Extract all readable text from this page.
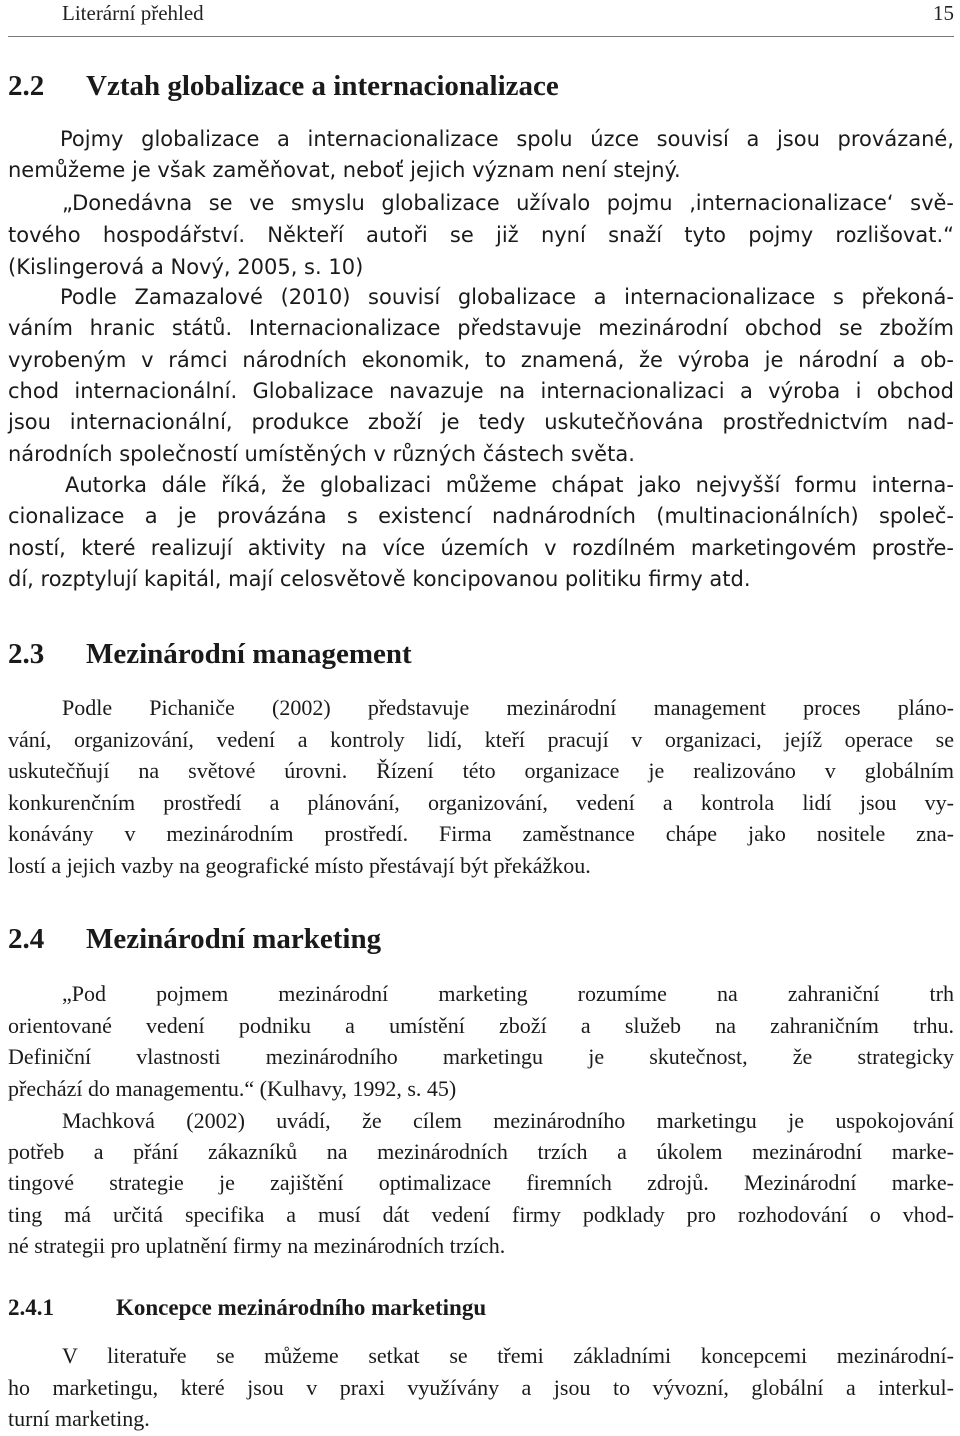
Literární přehled	15
2.2 Vztah globalizace a internacionalizace
Pojmy globalizace a internacionalizace spolu úzce souvisí a jsou provázané,
nemůžeme je však zaměňovat, neboť jejich význam není stejný.
„Donedávna se ve smyslu globalizace užívalo pojmu ‚internacionalizace‘ svě-
tového hospodářství. Někteří autoři se již nyní snaží tyto pojmy rozlišovat.“
(Kislingerová a Nový, 2005, s. 10)
Podle Zamazalové (2010) souvisí globalizace a internacionalizace s překoná-
váním hranic států. Internacionalizace představuje mezinárodní obchod se zbožím
vyrobeným v rámci národních ekonomik, to znamená, že výroba je národní a ob-
chod internacionální. Globalizace navazuje na internacionalizaci a výroba i obchod
jsou internacionální, produkce zboží je tedy uskutečňována prostřednictvím nad-
národních společností umístěných v různých částech světa.
Autorka dále říká, že globalizaci můžeme chápat jako nejvyšší formu interna-
cionalizace a je provázána s existencí nadnárodních (multinacionálních) společ-
ností, které realizují aktivity na více územích v rozdílném marketingovém prostře-
dí, rozptylují kapitál, mají celosvětově koncipovanou politiku firmy atd.
2.3 Mezinárodní management
Podle Pichaniče (2002) představuje mezinárodní management proces pláno-
vání, organizování, vedení a kontroly lidí, kteří pracují v organizaci, jejíž operace se
uskutečňují na světové úrovni. Řízení této organizace je realizováno v globálním
konkurenčním prostředí a plánování, organizování, vedení a kontrola lidí jsou vy-
konávány v mezinárodním prostředí. Firma zaměstnance chápe jako nositele zna-
lostí a jejich vazby na geografické místo přestávají být překážkou.
2.4 Mezinárodní marketing
„Pod pojmem mezinárodní marketing rozumíme na zahraniční trh
orientované vedení podniku a umístění zboží a služeb na zahraničním trhu.
Definiční vlastnosti mezinárodního marketingu je skutečnost, že strategicky
přechází do managementu.“ (Kulhavy, 1992, s. 45)
Machková (2002) uvádí, že cílem mezinárodního marketingu je uspokojování
potřeb a přání zákazníků na mezinárodních trzích a úkolem mezinárodní marke-
tingové strategie je zajištění optimalizace firemních zdrojů. Mezinárodní marke-
ting má určitá specifika a musí dát vedení firmy podklady pro rozhodování o vhod-
né strategii pro uplatnění firmy na mezinárodních trzích.
2.4.1	Koncepce mezinárodního marketingu
V literatuře se můžeme setkat se třemi základními koncepcemi mezinárodní-
ho marketingu, které jsou v praxi využívány a jsou to vývozní, globální a interkul-
turní marketing.
